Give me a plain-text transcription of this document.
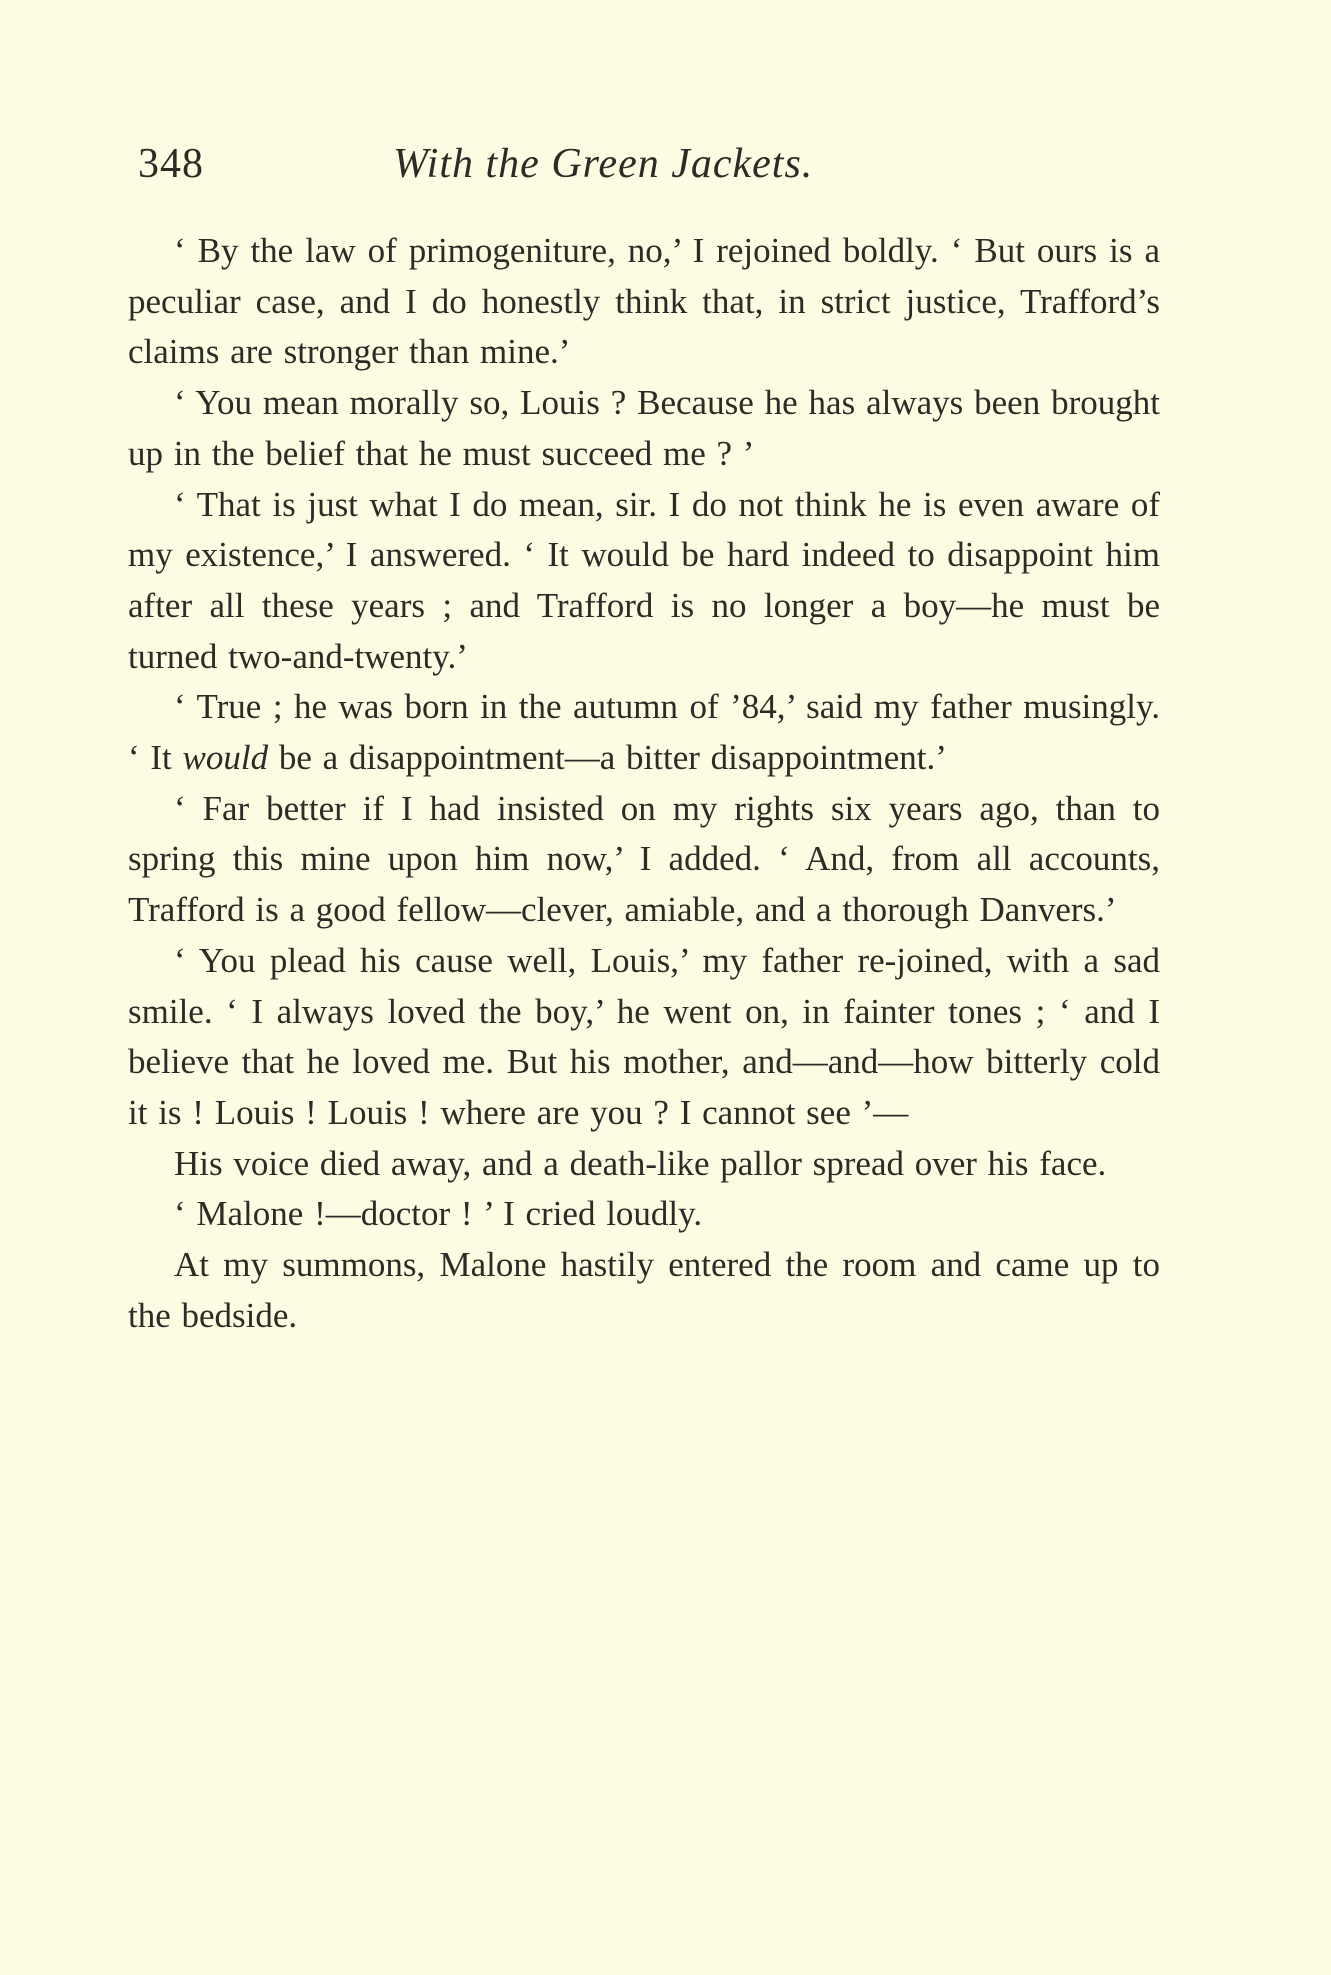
348	With the Green Jackets.

‘ By the law of primogeniture, no,’ I rejoined boldly. ‘ But ours is a peculiar case, and I do honestly think that, in strict justice, Trafford’s claims are stronger than mine.’

‘ You mean morally so, Louis ? Because he has always been brought up in the belief that he must succeed me ? ’

‘ That is just what I do mean, sir. I do not think he is even aware of my existence,’ I answered. ‘ It would be hard indeed to disappoint him after all these years ; and Trafford is no longer a boy—he must be turned two-and-twenty.’

‘ True ; he was born in the autumn of ’84,’ said my father musingly. ‘ It would be a disappointment—a bitter disappointment.’

‘ Far better if I had insisted on my rights six years ago, than to spring this mine upon him now,’ I added. ‘ And, from all accounts, Trafford is a good fellow—clever, amiable, and a thorough Danvers.’

‘ You plead his cause well, Louis,’ my father re-joined, with a sad smile. ‘ I always loved the boy,’ he went on, in fainter tones ; ‘ and I believe that he loved me. But his mother, and—and—how bitterly cold it is ! Louis ! Louis ! where are you ? I cannot see ’—

His voice died away, and a death-like pallor spread over his face.

‘ Malone !—doctor ! ’ I cried loudly.

At my summons, Malone hastily entered the room and came up to the bedside.
